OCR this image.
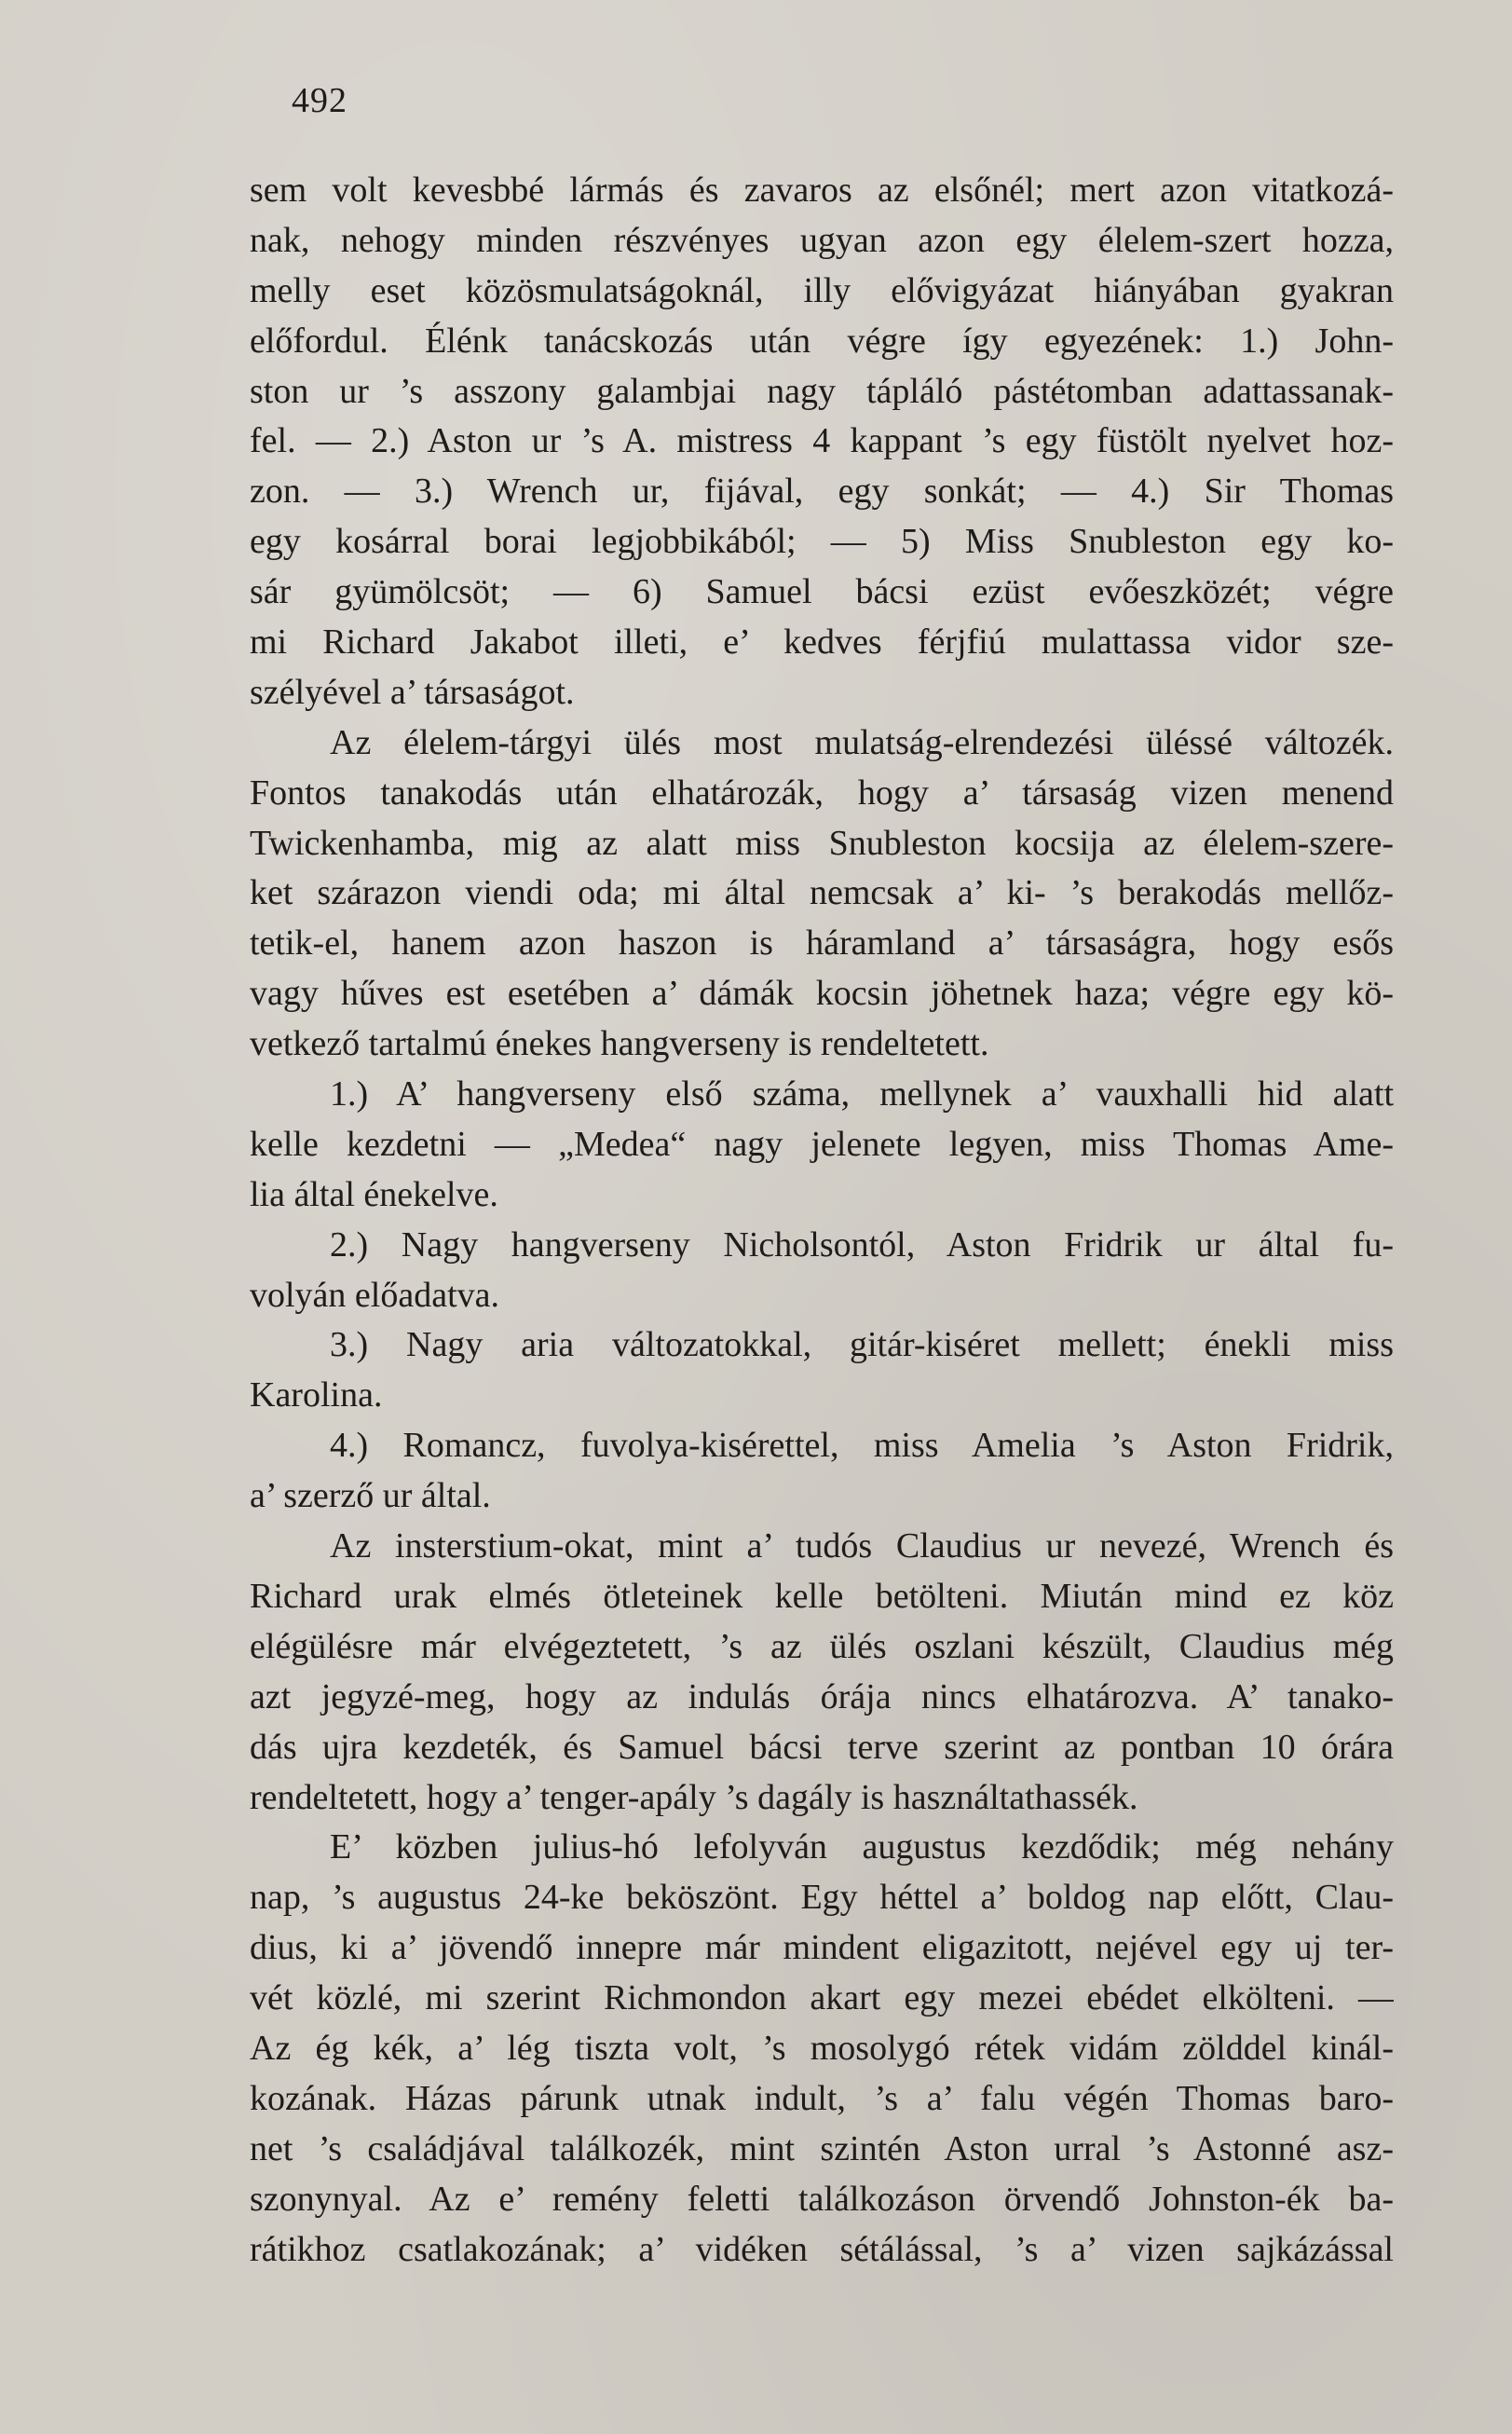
492

sem volt kevesbbé lármás és zavaros az elsőnél; mert azon vitatkozá-
nak, nehogy minden részvényes ugyan azon egy élelem-szert hozza,
melly eset közösmulatságoknál, illy elővigyázat hiányában gyakran
előfordul. Élénk tanácskozás után végre így egyezének: 1.) John-
ston ur ’s asszony galambjai nagy tápláló pástétomban adattassanak-
fel. — 2.) Aston ur ’s A. mistress 4 kappant ’s egy füstölt nyelvet hoz-
zon. — 3.) Wrench ur, fijával, egy sonkát; — 4.) Sir Thomas
egy kosárral borai legjobbikából; — 5) Miss Snubleston egy ko-
sár gyümölcsöt; — 6) Samuel bácsi ezüst evőeszközét; végre
mi Richard Jakabot illeti, e’ kedves férjfiú mulattassa vidor sze-
szélyével a’ társaságot.
Az élelem-tárgyi ülés most mulatság-elrendezési üléssé változék.
Fontos tanakodás után elhatározák, hogy a’ társaság vizen menend
Twickenhamba, mig az alatt miss Snubleston kocsija az élelem-szere-
ket szárazon viendi oda; mi által nemcsak a’ ki- ’s berakodás mellőz-
tetik-el, hanem azon haszon is háramland a’ társaságra, hogy esős
vagy hűves est esetében a’ dámák kocsin jöhetnek haza; végre egy kö-
vetkező tartalmú énekes hangverseny is rendeltetett.
1.) A’ hangverseny első száma, mellynek a’ vauxhalli hid alatt
kelle kezdetni — „Medea“ nagy jelenete legyen, miss Thomas Ame-
lia által énekelve.
2.) Nagy hangverseny Nicholsontól, Aston Fridrik ur által fu-
volyán előadatva.
3.) Nagy aria változatokkal, gitár-kiséret mellett; énekli miss
Karolina.
4.) Romancz, fuvolya-kisérettel, miss Amelia ’s Aston Fridrik,
a’ szerző ur által.
Az insterstium-okat, mint a’ tudós Claudius ur nevezé, Wrench és
Richard urak elmés ötleteinek kelle betölteni. Miután mind ez köz
elégülésre már elvégeztetett, ’s az ülés oszlani készült, Claudius még
azt jegyzé-meg, hogy az indulás órája nincs elhatározva. A’ tanako-
dás ujra kezdeték, és Samuel bácsi terve szerint az pontban 10 órára
rendeltetett, hogy a’ tenger-apály ’s dagály is használtathassék.
E’ közben julius-hó lefolyván augustus kezdődik; még nehány
nap, ’s augustus 24-ke beköszönt. Egy héttel a’ boldog nap előtt, Clau-
dius, ki a’ jövendő innepre már mindent eligazitott, nejével egy uj ter-
vét közlé, mi szerint Richmondon akart egy mezei ebédet elkölteni. —
Az ég kék, a’ lég tiszta volt, ’s mosolygó rétek vidám zölddel kinál-
kozának. Házas párunk utnak indult, ’s a’ falu végén Thomas baro-
net ’s családjával találkozék, mint szintén Aston urral ’s Astonné asz-
szonynyal. Az e’ remény feletti találkozáson örvendő Johnston-ék ba-
rátikhoz csatlakozának; a’ vidéken sétálással, ’s a’ vizen sajkázással
